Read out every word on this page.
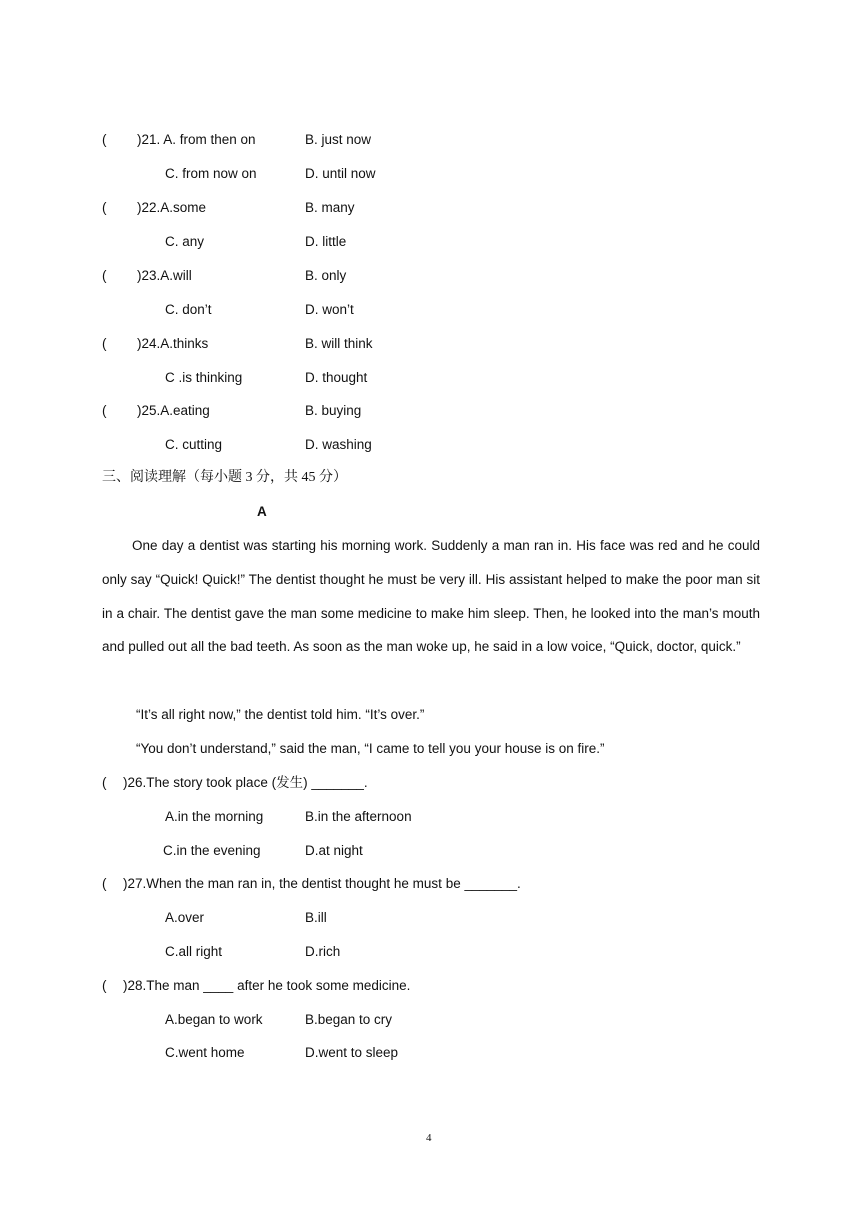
( )21. A. from then on	B. just now
C. from now on	D. until now
( )22.A.some	B. many
C. any	D. little
( )23.A.will	B. only
C. don’t	D. won’t
( )24.A.thinks	B. will think
C .is thinking	D. thought
( )25.A.eating	B. buying
C. cutting	D. washing
三、阅读理解（每小题 3 分，共 45 分）
A
One day a dentist was starting his morning work. Suddenly a man ran in. His face was red and he could only say “Quick! Quick!” The dentist thought he must be very ill. His assistant helped to make the poor man sit in a chair. The dentist gave the man some medicine to make him sleep. Then, he looked into the man’s mouth and pulled out all the bad teeth. As soon as the man woke up, he said in a low voice, “Quick, doctor, quick.”
“It’s all right now,” the dentist told him. “It’s over.”
“You don’t understand,” said the man, “I came to tell you your house is on fire.”
( )26.The story took place (发生) _______.
A.in the morning	B.in the afternoon
C.in the evening	D.at night
( )27.When the man ran in, the dentist thought he must be _______.
A.over	B.ill
C.all right	D.rich
( )28.The man ____ after he took some medicine.
A.began to work	B.began to cry
C.went home	D.went to sleep
4
